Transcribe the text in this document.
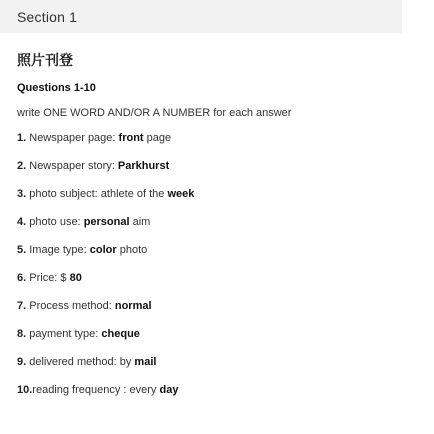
Section 1
照片刊登
Questions 1-10
write ONE WORD AND/OR A NUMBER for each answer
1. Newspaper page: front page
2. Newspaper story: Parkhurst
3. photo subject: athlete of the week
4. photo use: personal aim
5. Image type: color photo
6. Price: $ 80
7. Process method: normal
8. payment type: cheque
9. delivered method: by mail
10.reading frequency : every day
